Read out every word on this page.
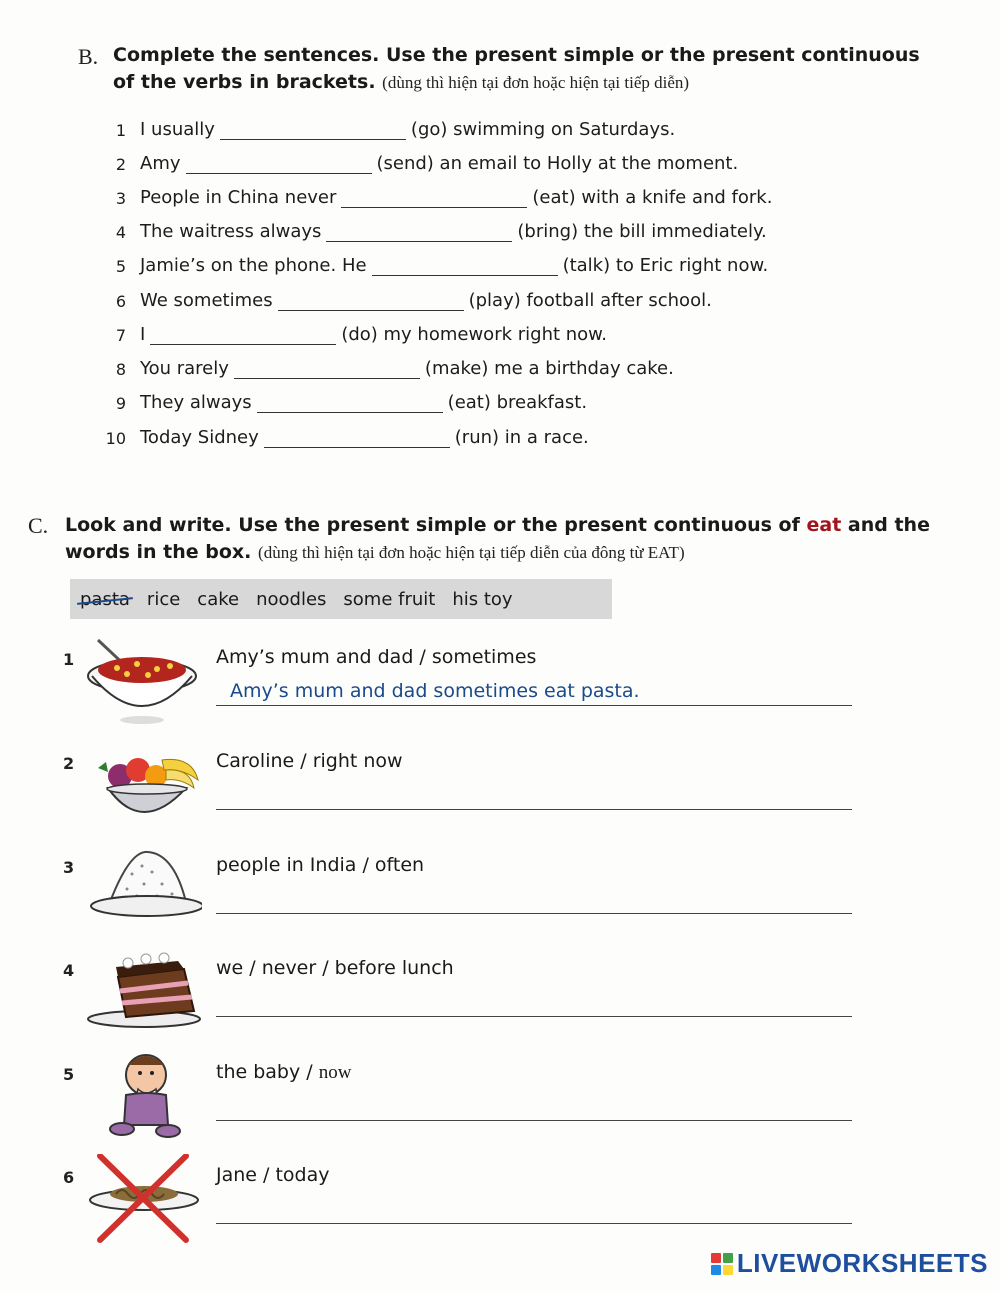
B. Complete the sentences. Use the present simple or the present continuous
of the verbs in brackets. (dùng thì hiện tại đơn hoặc hiện tại tiếp diễn)
1 I usually	(go) swimming on Saturdays.
2 Amy	(send) an email to Holly at the moment.
3 People in China never	(eat) with a knife and fork.
4 The waitress always	(bring) the bill immediately.
5 Jamie’s on the phone. He	(talk) to Eric right now.
6 We sometimes	(play) football after school.
7 I	(do) my homework right now.
8 You rarely	(make) me a birthday cake.
9 They always	(eat) breakfast.
10 Today Sidney	(run) in a race.
C. Look and write. Use the present simple or the present continuous of eat and the
words in the box. (dùng thì hiện tại đơn hoặc hiện tại tiếp diễn của đông từ EAT)
pasta rice cake noodles some fruit his toy
1	Amy’s mum and dad / sometimes
Amy’s mum and dad sometimes eat pasta.
2	Caroline / right now
3	people in India / often
4	we / never / before lunch
5	the baby / now
6	Jane / today
LIVEWORKSHEETS
